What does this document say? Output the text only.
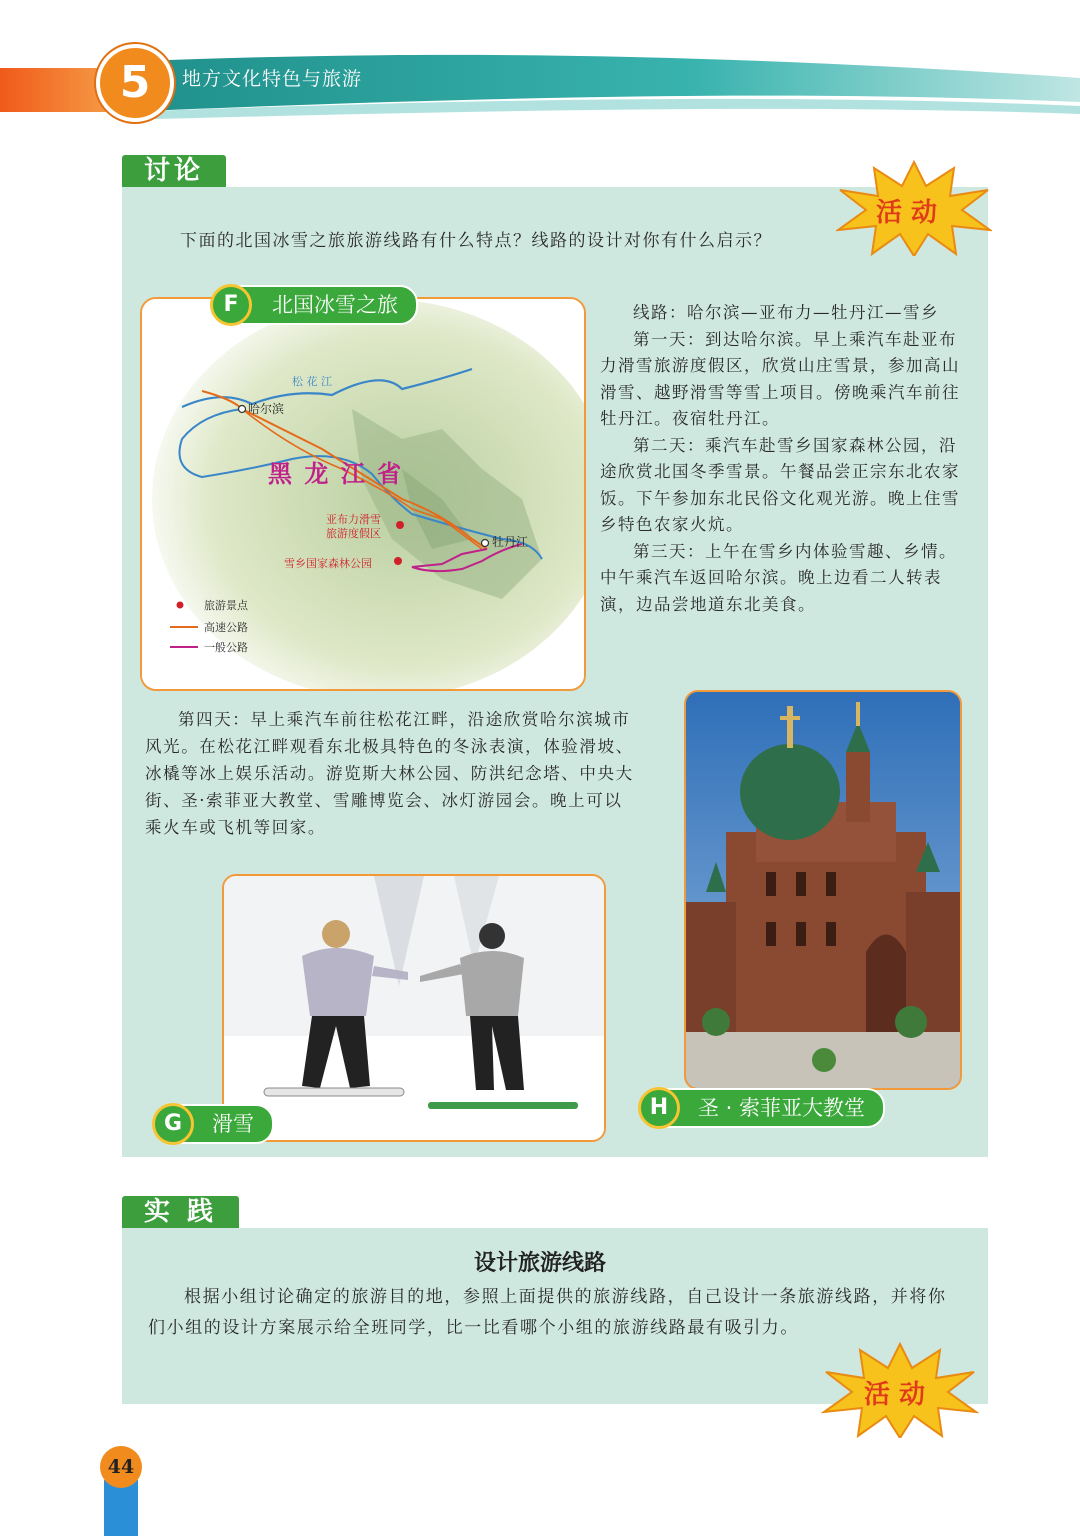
5	地方文化特色与旅游
讨论
活 动
下面的北国冰雪之旅旅游线路有什么特点？线路的设计对你有什么启示？
松 花 江
哈尔滨
黑 龙 江 省
亚布力滑雪
旅游度假区
牡丹江
雪乡国家森林公园
旅游景点
高速公路
一般公路
北国冰雪之旅
F	线路：哈尔滨—亚布力—牡丹江—雪乡

第一天：到达哈尔滨。早上乘汽车赴亚布力滑雪旅游度假区，欣赏山庄雪景，参加高山滑雪、越野滑雪等雪上项目。傍晚乘汽车前往牡丹江。夜宿牡丹江。

第二天：乘汽车赴雪乡国家森林公园，沿途欣赏北国冬季雪景。午餐品尝正宗东北农家饭。下午参加东北民俗文化观光游。晚上住雪乡特色农家火炕。

第三天：上午在雪乡内体验雪趣、乡情。中午乘汽车返回哈尔滨。晚上边看二人转表演，边品尝地道东北美食。

第四天：早上乘汽车前往松花江畔，沿途欣赏哈尔滨城市风光。在松花江畔观看东北极具特色的冬泳表演，体验滑坡、冰橇等冰上娱乐活动。游览斯大林公园、防洪纪念塔、中央大街、圣·索菲亚大教堂、雪雕博览会、冰灯游园会。晚上可以乘火车或飞机等回家。
圣 · 索菲亚大教堂
H
滑雪
G
实 践
设计旅游线路
根据小组讨论确定的旅游目的地，参照上面提供的旅游线路，自己设计一条旅游线路，并将你们小组的设计方案展示给全班同学，比一比看哪个小组的旅游线路最有吸引力。
活 动
44
